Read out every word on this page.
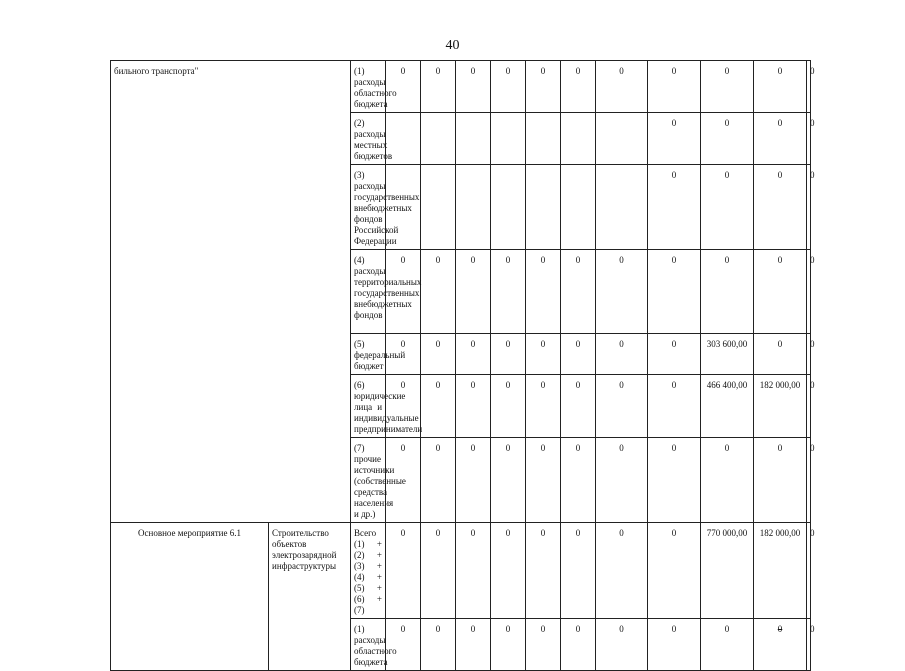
40
бильного транспорта"		(1) расходы областного бюджета	0	0	0	0	0	0	0	0	0	0	0
		(2) расходы местных бюджетов								0	0	0	0
		(3) расходы государственных внебюджетных фондов Российской Федерации								0	0	0	0
		(4) расходы территориальных государственных внебюджетных фондов	0	0	0	0	0	0	0	0	0	0	0
		(5) федеральный бюджет	0	0	0	0	0	0	0	0	303 600,00	0	0
		(6) юридические лица и индивидуальные предприниматели	0	0	0	0	0	0	0	0	466 400,00	182 000,00	0
		(7) прочие источники (собственные средства населения и др.)	0	0	0	0	0	0	0	0	0	0	0
Основное мероприятие 6.1	Строительство объектов электрозарядной инфраструктуры	Всего (1) + (2) + (3) + (4) + (5) + (6) + (7)	0	0	0	0	0	0	0	0	770 000,00	182 000,00	0
		(1) расходы областного бюджета	0	0	0	0	0	0	0	0	0	0	0
